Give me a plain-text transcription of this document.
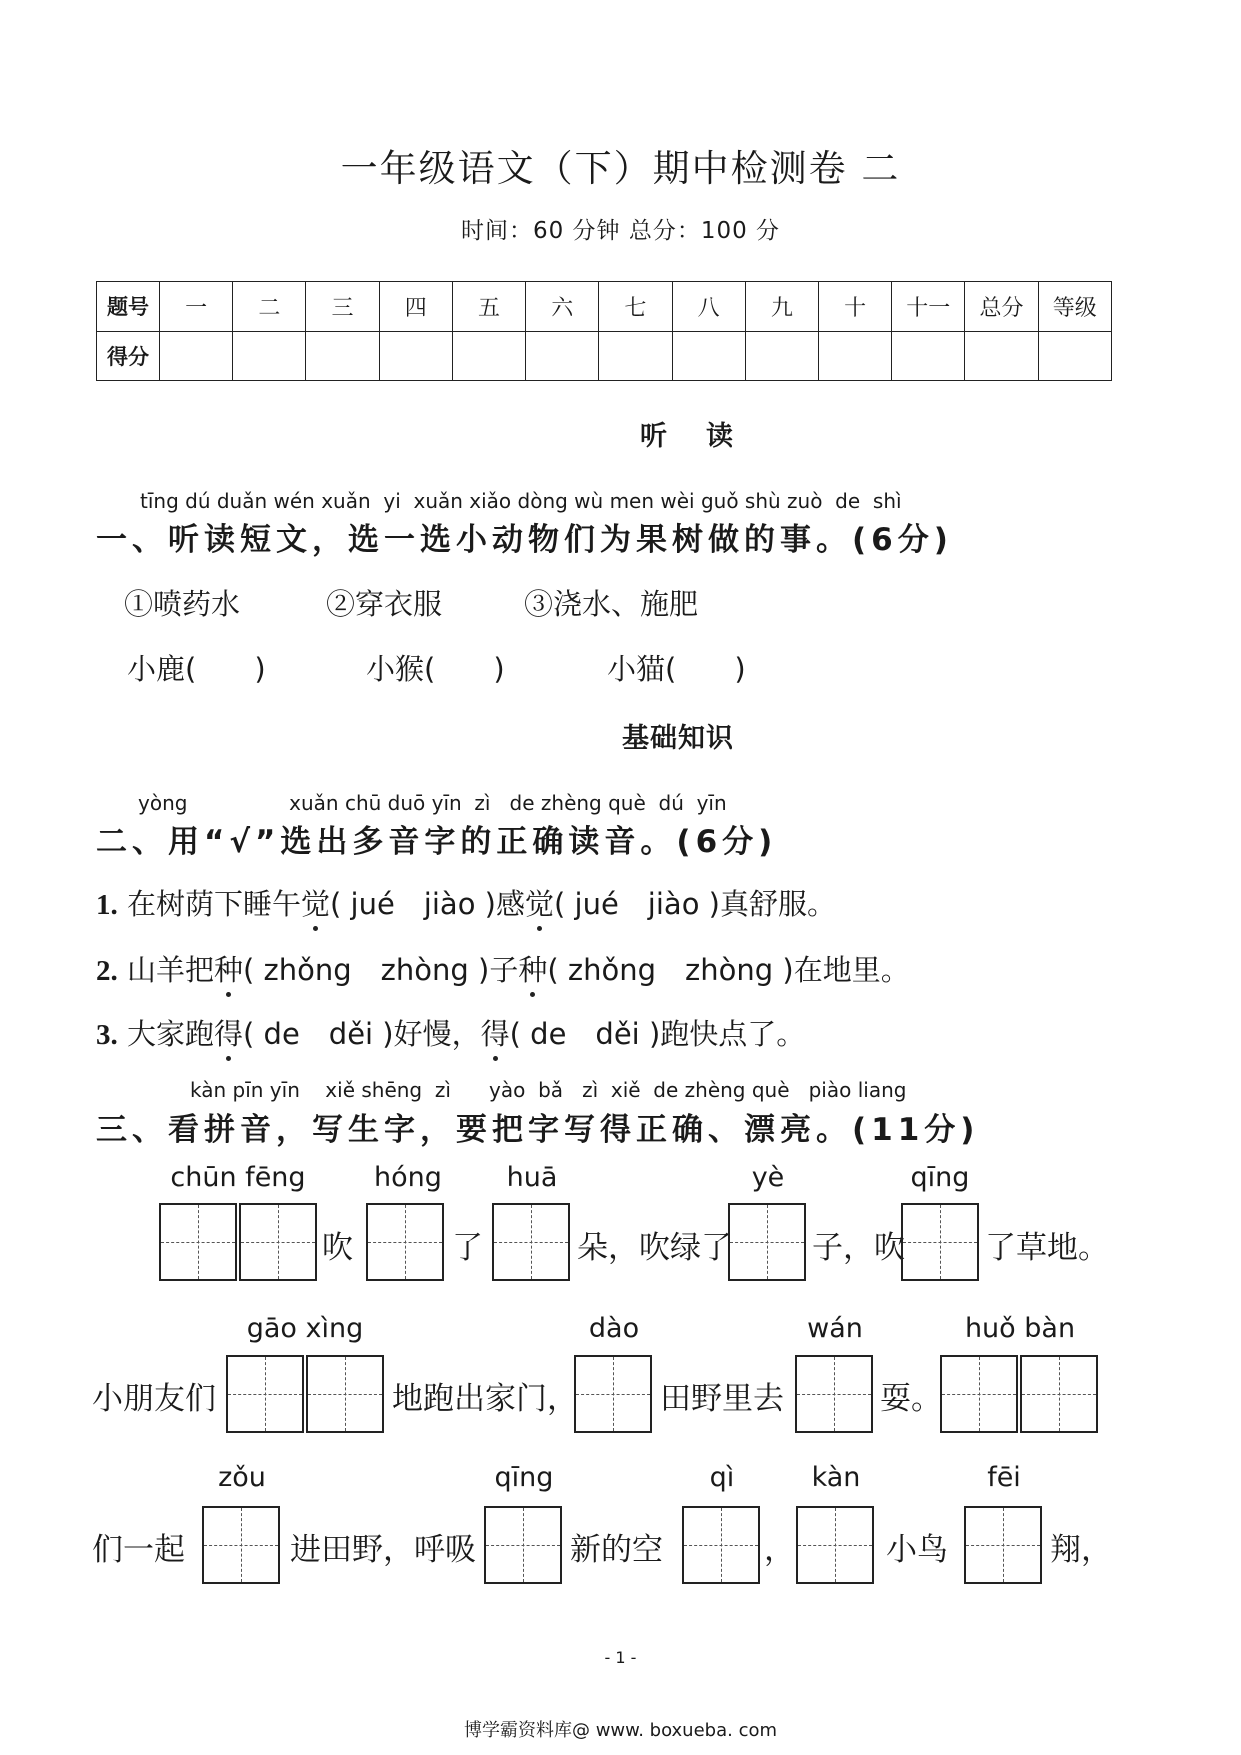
一年级语文（下）期中检测卷 二
时间：60 分钟 总分：100 分
题号	一	二	三	四	五	六	七	八	九	十	十一	总分	等级
得分													
听　读
tīng dú duǎn wén xuǎn  yi  xuǎn xiǎo dòng wù men wèi guǒ shù zuò  de  shì
一、听读短文，选一选小动物们为果树做的事。(6分)
①喷药水	②穿衣服	③浇水、施肥
小鹿(　　)	小猴(　　)	小猫(　　)
基础知识
yòng                xuǎn chū duō yīn  zì   de zhèng què  dú  yīn
二、用“√”选出多音字的正确读音。(6分)
1. 在树荫下睡午觉( jué　jiào )感觉( jué　jiào )真舒服。
2. 山羊把种( zhǒng　zhòng )子种( zhǒng　zhòng )在地里。
3. 大家跑得( de　děi )好慢，得( de　děi )跑快点了。
kàn pīn yīn    xiě shēng  zì      yào  bǎ   zì  xiě  de zhèng què   piào liang
三、看拼音，写生字，要把字写得正确、漂亮。(11分)
chūn fēng	hóng	huā	yè	qīng
吹	了	朵，吹绿了	子，吹	了草地。
gāo xìng	dào	wán	huǒ bàn
小朋友们	地跑出家门，	田野里去	耍。
zǒu	qīng	qì	kàn	fēi
们一起	进田野，呼吸	新的空	，	小鸟	翔，
- 1 -
博学霸资料库@ www. boxueba. com
